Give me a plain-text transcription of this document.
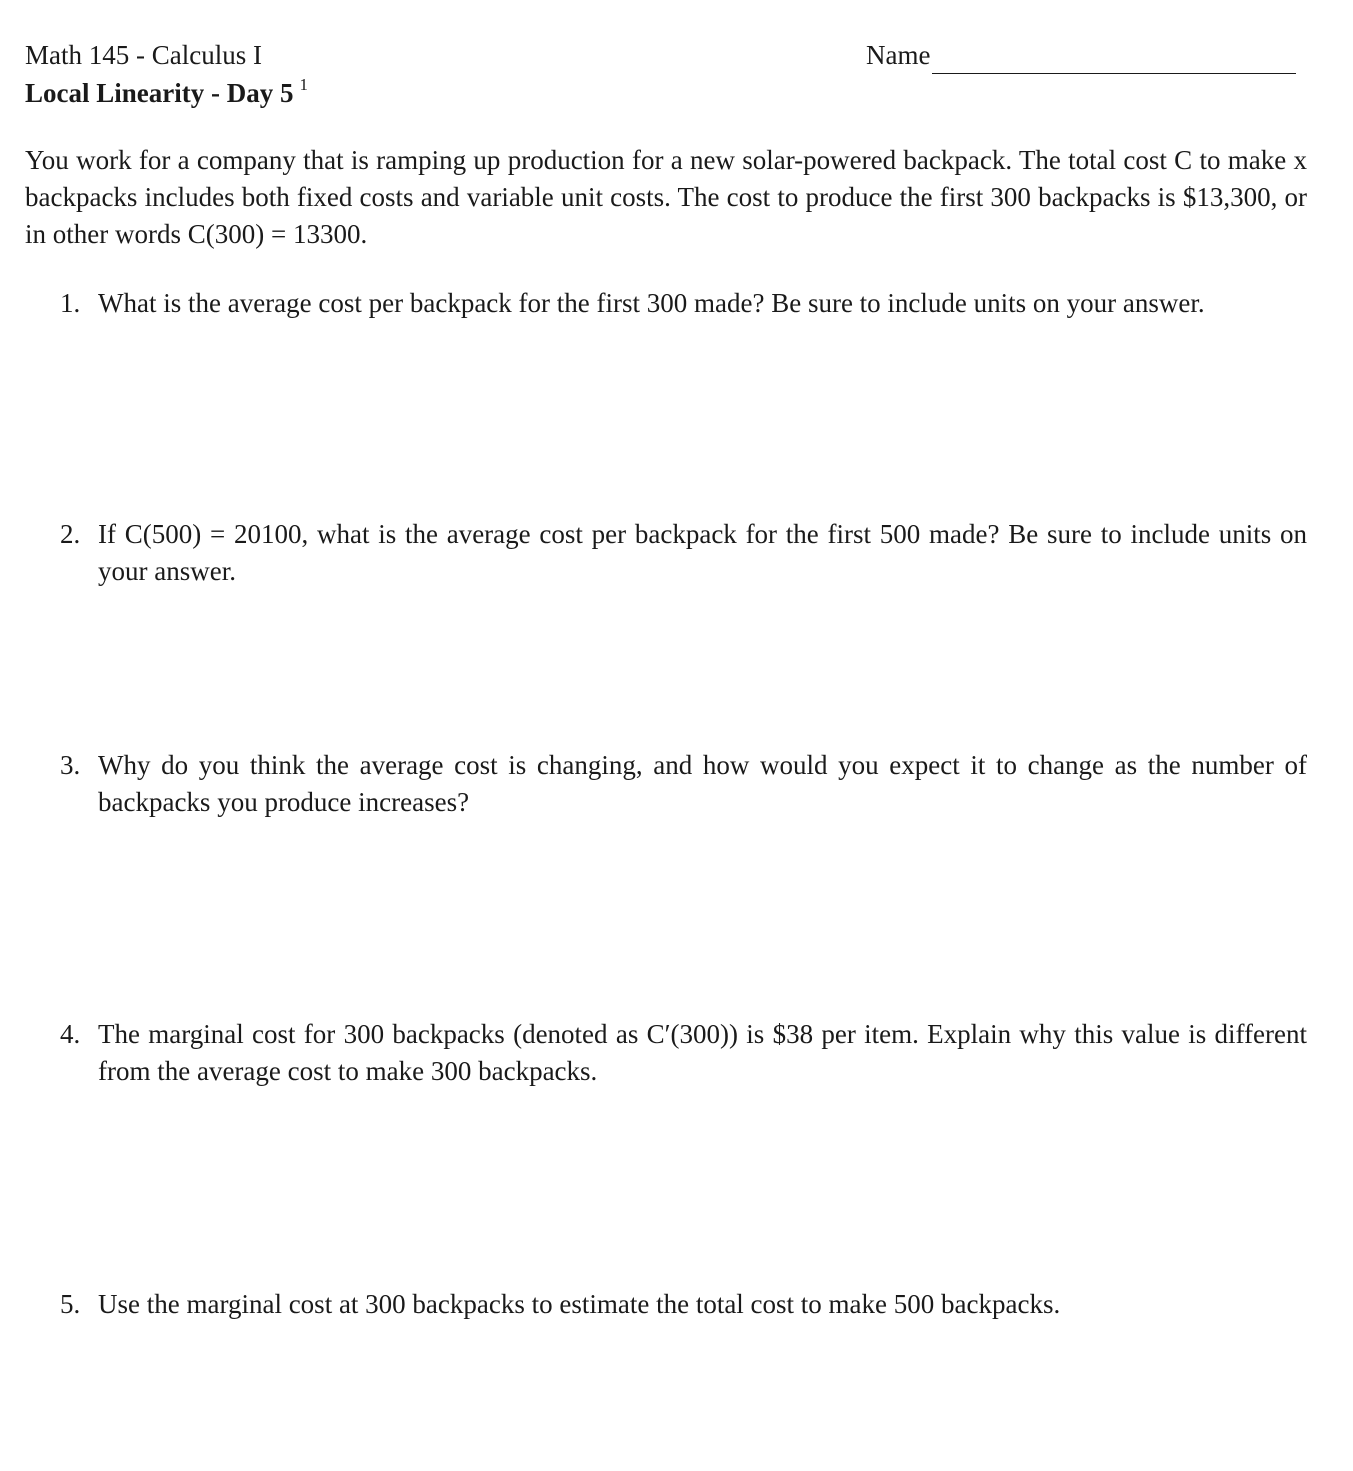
Math 145 - Calculus I
Local Linearity - Day 5 $^1$
Name
You work for a company that is ramping up production for a new solar-powered backpack. The total cost C to make x backpacks includes both fixed costs and variable unit costs. The cost to produce the first 300 backpacks is $13,300, or in other words C(300) = 13300.
1. What is the average cost per backpack for the first 300 made? Be sure to include units on your answer.
2. If C(500) = 20100, what is the average cost per backpack for the first 500 made? Be sure to include units on your answer.
3. Why do you think the average cost is changing, and how would you expect it to change as the number of backpacks you produce increases?
4. The marginal cost for 300 backpacks (denoted as C′(300)) is $38 per item. Explain why this value is different from the average cost to make 300 backpacks.
5. Use the marginal cost at 300 backpacks to estimate the total cost to make 500 backpacks.
